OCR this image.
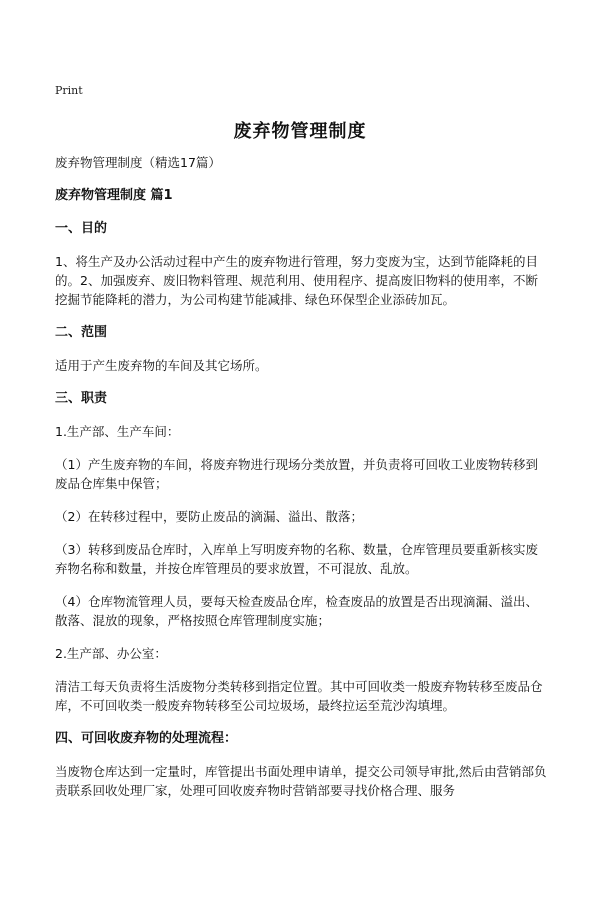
Print
废弃物管理制度

废弃物管理制度（精选17篇）

废弃物管理制度 篇1
一、目的

1、将生产及办公活动过程中产生的废弃物进行管理，努力变废为宝，达到节能降耗的目的。2、加强废弃、废旧物料管理、规范利用、使用程序、提高废旧物料的使用率，不断挖掘节能降耗的潜力，为公司构建节能减排、绿色环保型企业添砖加瓦。

二、范围

适用于产生废弃物的车间及其它场所。

三、职责

1.生产部、生产车间：

（1）产生废弃物的车间，将废弃物进行现场分类放置，并负责将可回收工业废物转移到废品仓库集中保管；

（2）在转移过程中，要防止废品的滴漏、溢出、散落；

（3）转移到废品仓库时，入库单上写明废弃物的名称、数量，仓库管理员要重新核实废弃物名称和数量，并按仓库管理员的要求放置，不可混放、乱放。

（4）仓库物流管理人员，要每天检查废品仓库，检查废品的放置是否出现滴漏、溢出、散落、混放的现象，严格按照仓库管理制度实施；

2.生产部、办公室：

清洁工每天负责将生活废物分类转移到指定位置。其中可回收类一般废弃物转移至废品仓库，不可回收类一般废弃物转移至公司垃圾场，最终拉运至荒沙沟填埋。

四、可回收废弃物的处理流程：

当废物仓库达到一定量时，库管提出书面处理申请单，提交公司领导审批,然后由营销部负责联系回收处理厂家，处理可回收废弃物时营销部要寻找价格合理、服务
